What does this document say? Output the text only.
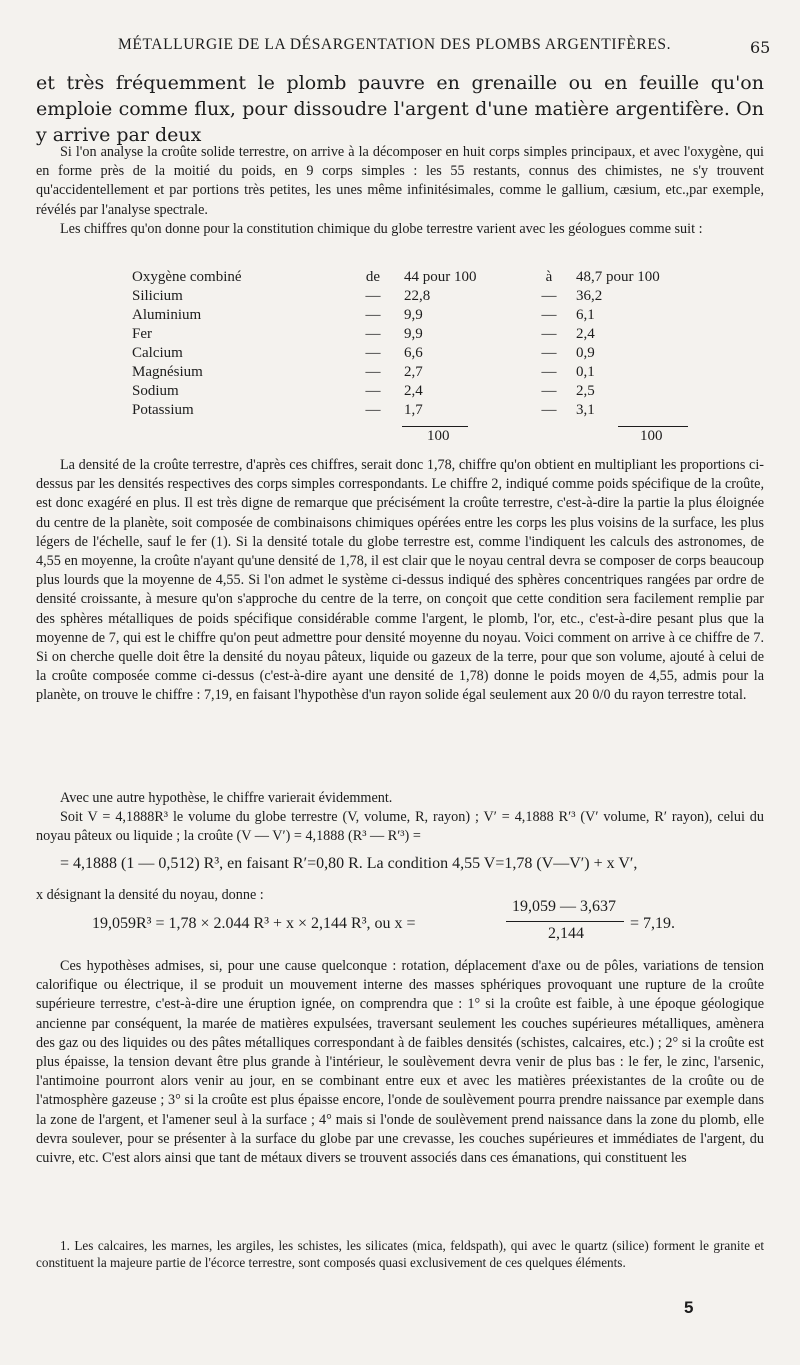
MÉTALLURGIE DE LA DÉSARGENTATION DES PLOMBS ARGENTIFÈRES.	65

et très fréquemment le plomb pauvre en grenaille ou en feuille qu'on emploie comme flux, pour dissoudre l'argent d'une matière argentifère. On y arrive par deux

Si l'on analyse la croûte solide terrestre, on arrive à la décomposer en huit corps simples principaux, et avec l'oxygène, qui en forme près de la moitié du poids, en 9 corps simples : les 55 restants, connus des chimistes, ne s'y trouvent qu'accidentellement et par portions très petites, les unes même infinitésimales, comme le gallium, cæsium, etc.,par exemple, révélés par l'analyse spectrale.

Les chiffres qu'on donne pour la constitution chimique du globe terrestre varient avec les géologues comme suit :

Oxygène combiné	de	44 pour 100	à	48,7 pour 100
Silicium	—	22,8	—	36,2
Aluminium	—	9,9	—	6,1
Fer	—	9,9	—	2,4
Calcium	—	6,6	—	0,9
Magnésium	—	2,7	—	0,1
Sodium	—	2,4	—	2,5
Potassium	—	1,7	—	3,1
100	100

La densité de la croûte terrestre, d'après ces chiffres, serait donc 1,78, chiffre qu'on obtient en multipliant les proportions ci-dessus par les densités respectives des corps simples correspondants. Le chiffre 2, indiqué comme poids spécifique de la croûte, est donc exagéré en plus. Il est très digne de remarque que précisément la croûte terrestre, c'est-à-dire la partie la plus éloignée du centre de la planète, soit composée de combinaisons chimiques opérées entre les corps les plus voisins de la surface, les plus légers de l'échelle, sauf le fer (1). Si la densité totale du globe terrestre est, comme l'indiquent les calculs des astronomes, de 4,55 en moyenne, la croûte n'ayant qu'une densité de 1,78, il est clair que le noyau central devra se composer de corps beaucoup plus lourds que la moyenne de 4,55. Si l'on admet le système ci-dessus indiqué des sphères concentriques rangées par ordre de densité croissante, à mesure qu'on s'approche du centre de la terre, on conçoit que cette condition sera facilement remplie par des sphères métalliques de poids spécifique considérable comme l'argent, le plomb, l'or, etc., c'est-à-dire pesant plus que la moyenne de 7, qui est le chiffre qu'on peut admettre pour densité moyenne du noyau. Voici comment on arrive à ce chiffre de 7. Si on cherche quelle doit être la densité du noyau pâteux, liquide ou gazeux de la terre, pour que son volume, ajouté à celui de la croûte composée comme ci-dessus (c'est-à-dire ayant une densité de 1,78) donne le poids moyen de 4,55, admis pour la planète, on trouve le chiffre : 7,19, en faisant l'hypothèse d'un rayon solide égal seulement aux 20 0/0 du rayon terrestre total.

Avec une autre hypothèse, le chiffre varierait évidemment.

Soit V = 4,1888R³ le volume du globe terrestre (V, volume, R, rayon) ; V′ = 4,1888 R′³ (V′ volume, R′ rayon), celui du noyau pâteux ou liquide ; la croûte (V — V′) = 4,1888 (R³ — R′³) =

= 4,1888 (1 — 0,512) R³, en faisant R′=0,80 R. La condition 4,55 V=1,78 (V—V′) + x V′,

x désignant la densité du noyau, donne :

19,059R³ = 1,78 × 2.044 R³ + x × 2,144 R³, ou x =
19,059 — 3,637
2,144
= 7,19.

Ces hypothèses admises, si, pour une cause quelconque : rotation, déplacement d'axe ou de pôles, variations de tension calorifique ou électrique, il se produit un mouvement interne des masses sphériques provoquant une rupture de la croûte supérieure terrestre, c'est-à-dire une éruption ignée, on comprendra que : 1° si la croûte est faible, à une époque géologique ancienne par conséquent, la marée de matières expulsées, traversant seulement les couches supérieures métalliques, amènera des gaz ou des liquides ou des pâtes métalliques correspondant à de faibles densités (schistes, calcaires, etc.) ; 2° si la croûte est plus épaisse, la tension devant être plus grande à l'intérieur, le soulèvement devra venir de plus bas : le fer, le zinc, l'arsenic, l'antimoine pourront alors venir au jour, en se combinant entre eux et avec les matières préexistantes de la croûte ou de l'atmosphère gazeuse ; 3° si la croûte est plus épaisse encore, l'onde de soulèvement pourra prendre naissance par exemple dans la zone de l'argent, et l'amener seul à la surface ; 4° mais si l'onde de soulèvement prend naissance dans la zone du plomb, elle devra soulever, pour se présenter à la surface du globe par une crevasse, les couches supérieures et immédiates de l'argent, du cuivre, etc. C'est alors ainsi que tant de métaux divers se trouvent associés dans ces émanations, qui constituent les

1. Les calcaires, les marnes, les argiles, les schistes, les silicates (mica, feldspath), qui avec le quartz (silice) forment le granite et constituent la majeure partie de l'écorce terrestre, sont composés quasi exclusivement de ces quelques éléments.

5
